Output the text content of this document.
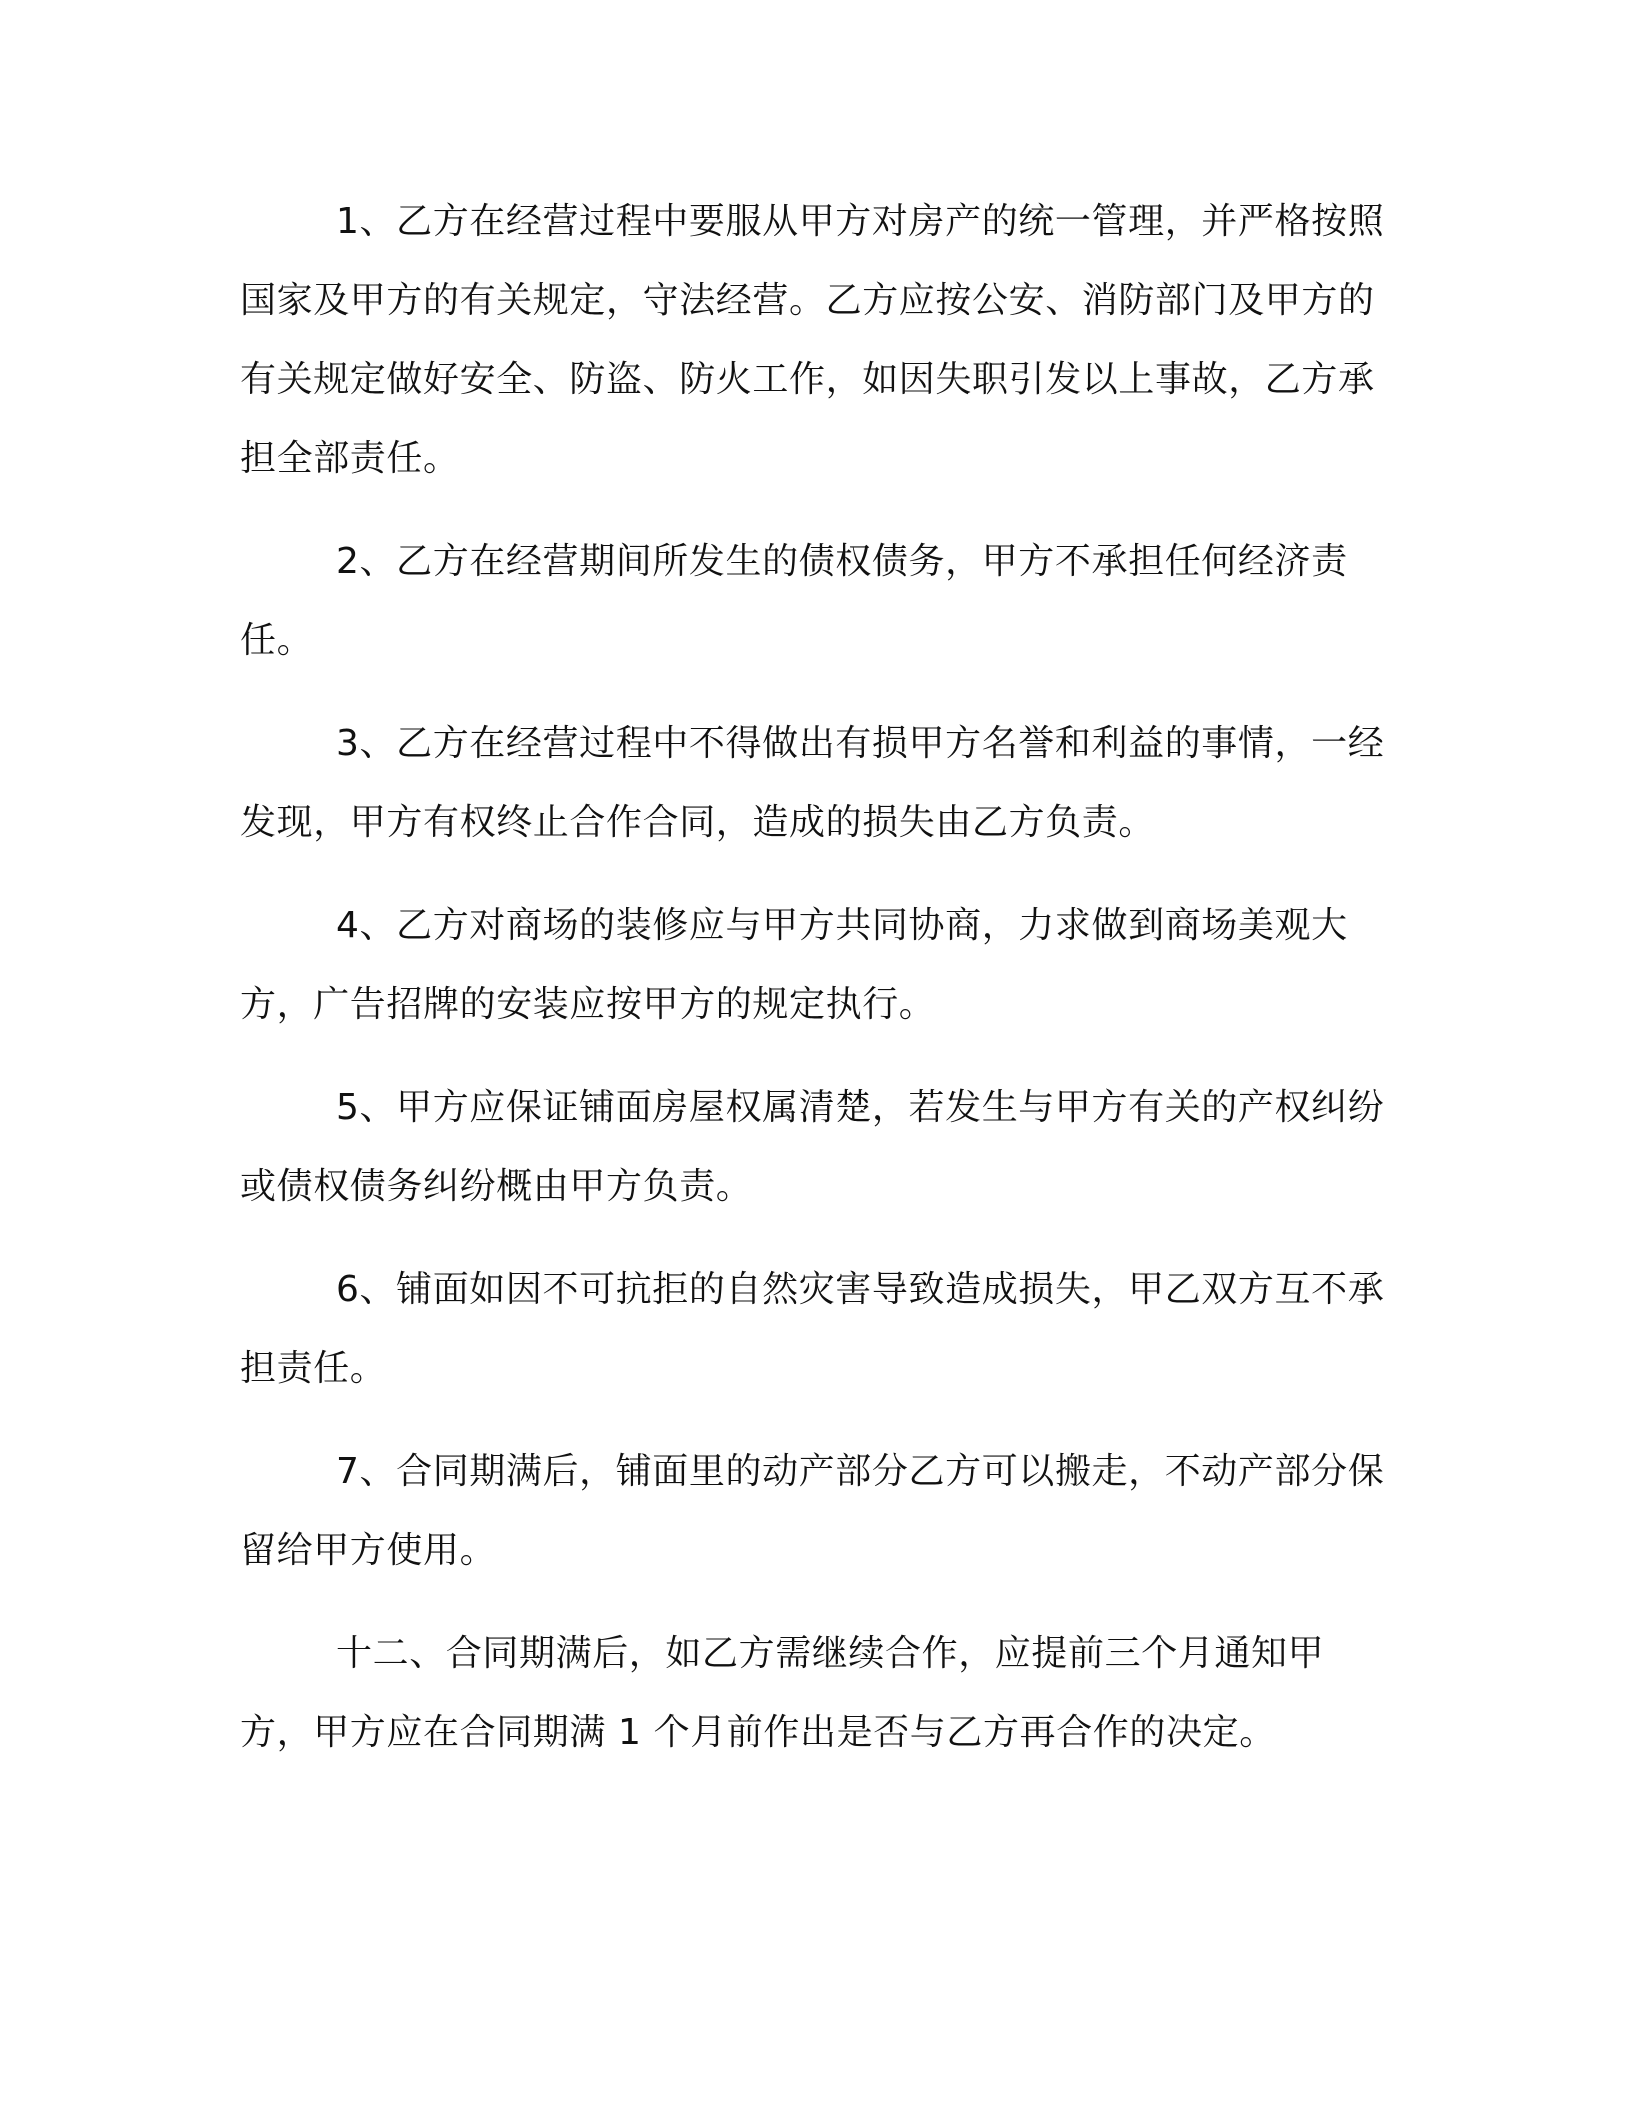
1、乙方在经营过程中要服从甲方对房产的统一管理，并严格按照国家及甲方的有关规定，守法经营。乙方应按公安、消防部门及甲方的有关规定做好安全、防盗、防火工作，如因失职引发以上事故，乙方承担全部责任。

2、乙方在经营期间所发生的债权债务，甲方不承担任何经济责任。

3、乙方在经营过程中不得做出有损甲方名誉和利益的事情，一经发现，甲方有权终止合作合同，造成的损失由乙方负责。

4、乙方对商场的装修应与甲方共同协商，力求做到商场美观大方，广告招牌的安装应按甲方的规定执行。

5、甲方应保证铺面房屋权属清楚，若发生与甲方有关的产权纠纷或债权债务纠纷概由甲方负责。

6、铺面如因不可抗拒的自然灾害导致造成损失，甲乙双方互不承担责任。

7、合同期满后，铺面里的动产部分乙方可以搬走，不动产部分保留给甲方使用。

十二、合同期满后，如乙方需继续合作，应提前三个月通知甲方，甲方应在合同期满 1 个月前作出是否与乙方再合作的决定。
